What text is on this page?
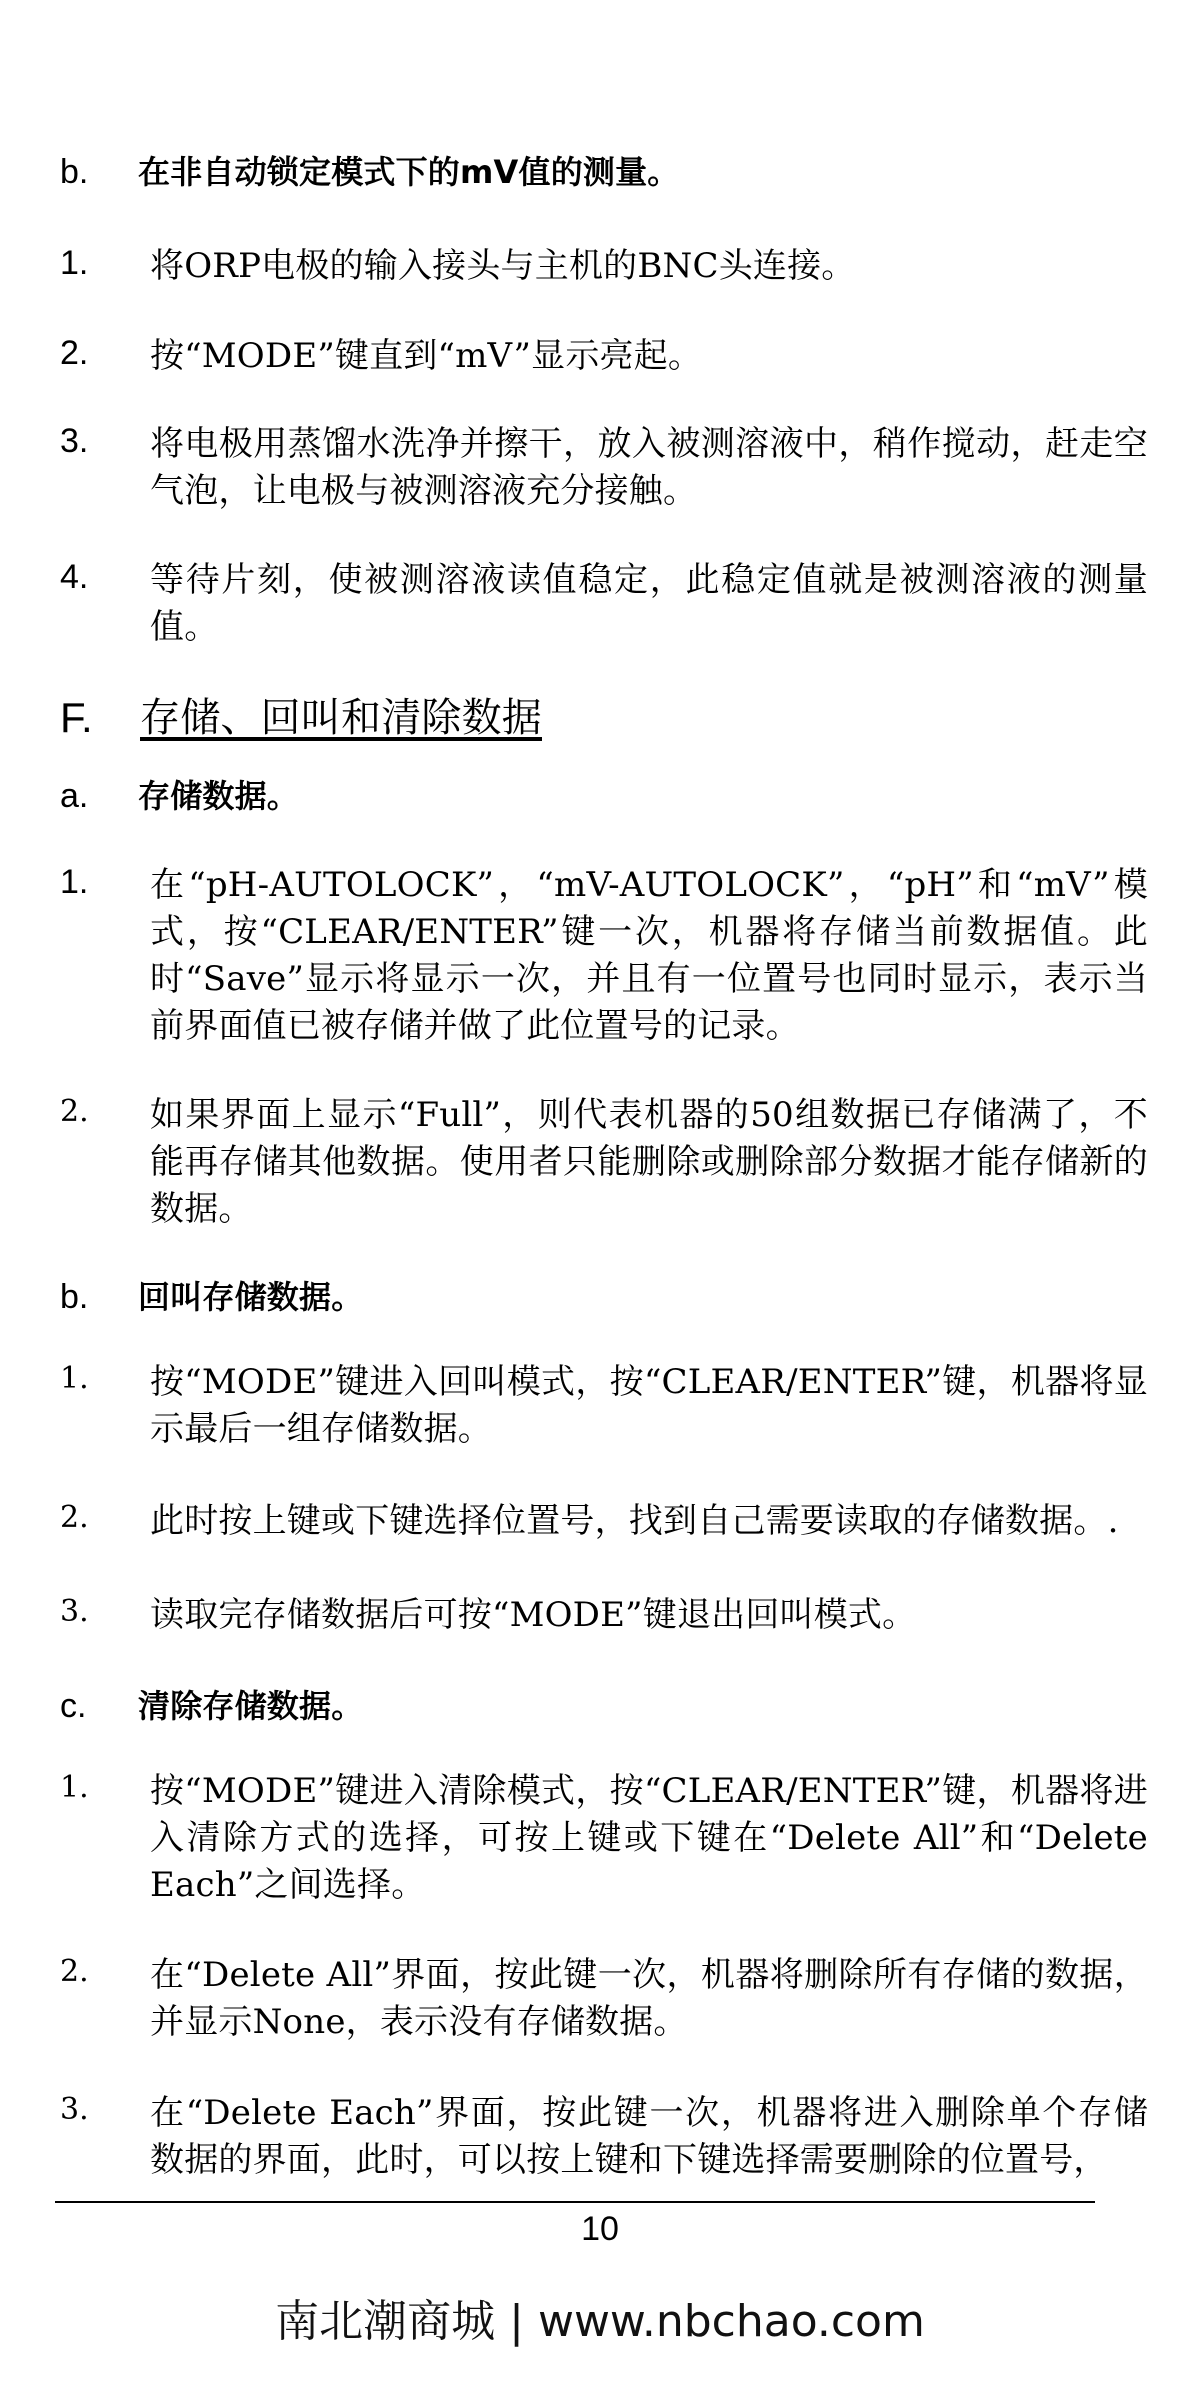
b. 在非自动锁定模式下的mV值的测量。
1. 将ORP电极的输入接头与主机的BNC头连接。
2. 按“MODE”键直到“mV”显示亮起。
3. 将电极用蒸馏水洗净并擦干，放入被测溶液中，稍作搅动，赶走空气泡，让电极与被测溶液充分接触。
4. 等待片刻，使被测溶液读值稳定，此稳定值就是被测溶液的测量值。
F. 存储、回叫和清除数据
a. 存储数据。
1. 在“pH-AUTOLOCK”，“mV-AUTOLOCK”，“pH”和“mV”模式，按“CLEAR/ENTER”键一次，机器将存储当前数据值。此时“Save”显示将显示一次，并且有一位置号也同时显示，表示当前界面值已被存储并做了此位置号的记录。
2. 如果界面上显示“Full”，则代表机器的50组数据已存储满了，不能再存储其他数据。使用者只能删除或删除部分数据才能存储新的数据。
b. 回叫存储数据。
1. 按“MODE”键进入回叫模式，按“CLEAR/ENTER”键，机器将显示最后一组存储数据。
2. 此时按上键或下键选择位置号，找到自己需要读取的存储数据。.
3. 读取完存储数据后可按“MODE”键退出回叫模式。
c. 清除存储数据。
1. 按“MODE”键进入清除模式，按“CLEAR/ENTER”键，机器将进入清除方式的选择，可按上键或下键在“Delete All”和“Delete Each”之间选择。
2. 在“Delete All”界面，按此键一次，机器将删除所有存储的数据，并显示None，表示没有存储数据。
3. 在“Delete Each”界面，按此键一次，机器将进入删除单个存储数据的界面，此时，可以按上键和下键选择需要删除的位置号，
10
南北潮商城 | www.nbchao.com
